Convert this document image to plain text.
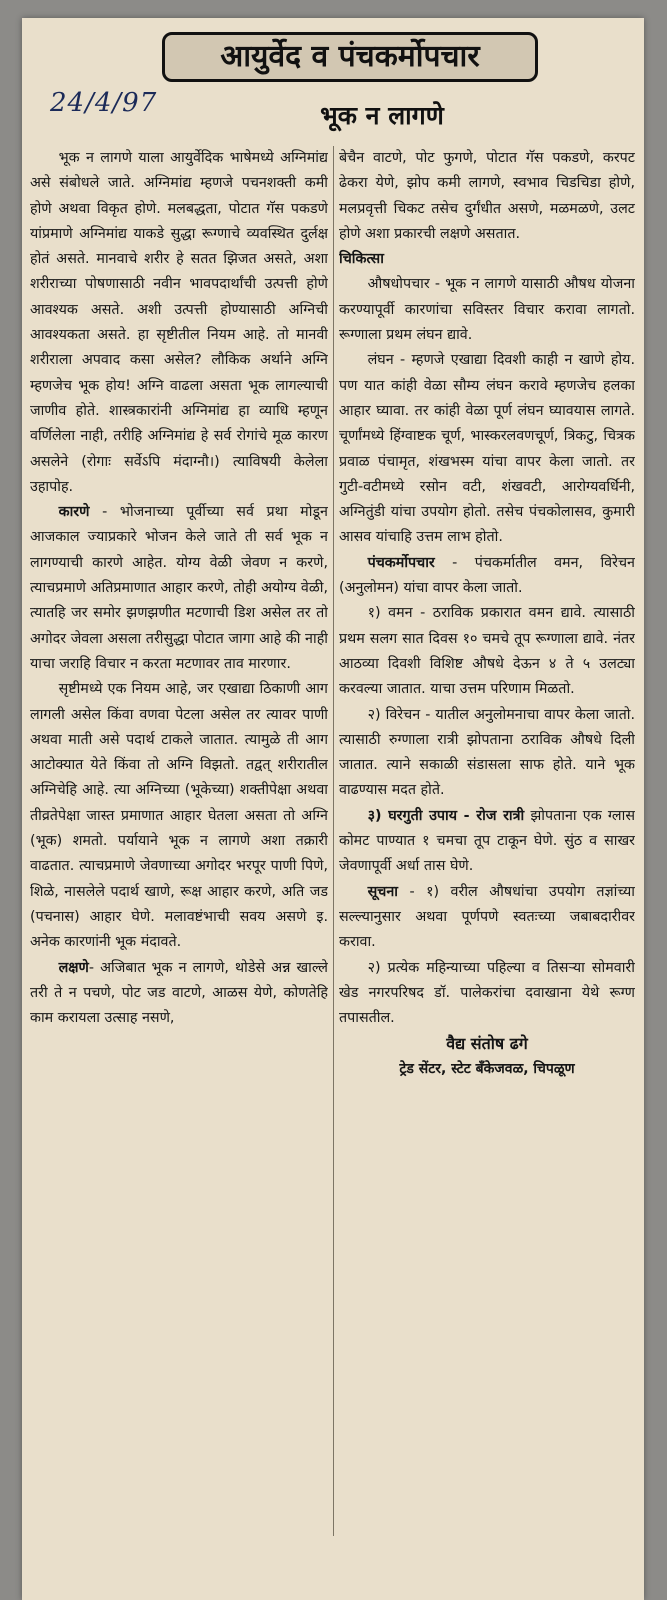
आयुर्वेद व पंचकर्मोपचार
24/4/97	भूक न लागणे

भूक न लागणे याला आयुर्वेदिक भाषेमध्ये अग्निमांद्य असे संबोधले जाते. अग्निमांद्य म्हणजे पचनशक्ती कमी होणे अथवा विकृत होणे. मलबद्धता, पोटात गॅस पकडणे यांप्रमाणे अग्निमांद्य याकडे सुद्धा रूग्णाचे व्यवस्थित दुर्लक्ष होतं असते. मानवाचे शरीर हे सतत झिजत असते, अशा शरीराच्या पोषणासाठी नवीन भावपदार्थांची उत्पत्ती होणे आवश्यक असते. अशी उत्पत्ती होण्यासाठी अग्निची आवश्यकता असते. हा सृष्टीतील नियम आहे. तो मानवी शरीराला अपवाद कसा असेल? लौकिक अर्थाने अग्नि म्हणजेच भूक होय! अग्नि वाढला असता भूक लागल्याची जाणीव होते. शास्त्रकारांनी अग्निमांद्य हा व्याधि म्हणून वर्णिलेला नाही, तरीहि अग्निमांद्य हे सर्व रोगांचे मूळ कारण असलेने (रोगाः सर्वेऽपि मंदाग्नौ।) त्याविषयी केलेला उहापोह.

कारणे - भोजनाच्या पूर्वीच्या सर्व प्रथा मोडून आजकाल ज्याप्रकारे भोजन केले जाते ती सर्व भूक न लागण्याची कारणे आहेत. योग्य वेळी जेवण न करणे, त्याचप्रमाणे अतिप्रमाणात आहार करणे, तोही अयोग्य वेळी, त्यातहि जर समोर झणझणीत मटणाची डिश असेल तर तो अगोदर जेवला असला तरीसुद्धा पोटात जागा आहे की नाही याचा जराहि विचार न करता मटणावर ताव मारणार.

सृष्टीमध्ये एक नियम आहे, जर एखाद्या ठिकाणी आग लागली असेल किंवा वणवा पेटला असेल तर त्यावर पाणी अथवा माती असे पदार्थ टाकले जातात. त्यामुळे ती आग आटोक्यात येते किंवा तो अग्नि विझतो. तद्वत् शरीरातील अग्निचेहि आहे. त्या अग्निच्या (भूकेच्या) शक्तीपेक्षा अथवा तीव्रतेपेक्षा जास्त प्रमाणात आहार घेतला असता तो अग्नि (भूक) शमतो. पर्यायाने भूक न लागणे अशा तक्रारी वाढतात. त्याचप्रमाणे जेवणाच्या अगोदर भरपूर पाणी पिणे, शिळे, नासलेले पदार्थ खाणे, रूक्ष आहार करणे, अति जड (पचनास) आहार घेणे. मलावष्टंभाची सवय असणे इ. अनेक कारणांनी भूक मंदावते.

लक्षणे- अजिबात भूक न लागणे, थोडेसे अन्न खाल्ले तरी ते न पचणे, पोट जड वाटणे, आळस येणे, कोणतेहि काम करायला उत्साह नसणे,

बेचैन वाटणे, पोट फुगणे, पोटात गॅस पकडणे, करपट ढेकरा येणे, झोप कमी लागणे, स्वभाव चिडचिडा होणे, मलप्रवृत्ती चिकट तसेच दुर्गंधीत असणे, मळमळणे, उलट होणे अशा प्रकारची लक्षणे असतात.

चिकित्सा

औषधोपचार - भूक न लागणे यासाठी औषध योजना करण्यापूर्वी कारणांचा सविस्तर विचार करावा लागतो. रूग्णाला प्रथम लंघन द्यावे.

लंघन - म्हणजे एखाद्या दिवशी काही न खाणे होय. पण यात कांही वेळा सौम्य लंघन करावे म्हणजेच हलका आहार घ्यावा. तर कांही वेळा पूर्ण लंघन घ्यावयास लागते. चूर्णांमध्ये हिंग्वाष्टक चूर्ण, भास्करलवणचूर्ण, त्रिकटु, चित्रक प्रवाळ पंचामृत, शंखभस्म यांचा वापर केला जातो. तर गुटी-वटीमध्ये रसोन वटी, शंखवटी, आरोग्यवर्धिनी, अग्नितुंडी यांचा उपयोग होतो. तसेच पंचकोलासव, कुमारी आसव यांचाहि उत्तम लाभ होतो.

पंचकर्मोपचार - पंचकर्मातील वमन, विरेचन (अनुलोमन) यांचा वापर केला जातो.

१) वमन - ठराविक प्रकारात वमन द्यावे. त्यासाठी प्रथम सलग सात दिवस १० चमचे तूप रूग्णाला द्यावे. नंतर आठव्या दिवशी विशिष्ट औषधे देऊन ४ ते ५ उलट्या करवल्या जातात. याचा उत्तम परिणाम मिळतो.

२) विरेचन - यातील अनुलोमनाचा वापर केला जातो. त्यासाठी रुग्णाला रात्री झोपताना ठराविक औषधे दिली जातात. त्याने सकाळी संडासला साफ होते. याने भूक वाढण्यास मदत होते.

३) घरगुती उपाय - रोज रात्री झोपताना एक ग्लास कोमट पाण्यात १ चमचा तूप टाकून घेणे. सुंठ व साखर जेवणापूर्वी अर्धा तास घेणे.

सूचना - १) वरील औषधांचा उपयोग तज्ञांच्या सल्ल्यानुसार अथवा पूर्णपणे स्वतःच्या जबाबदारीवर करावा.

२) प्रत्येक महिन्याच्या पहिल्या व तिसऱ्या सोमवारी खेड नगरपरिषद डॉ. पालेकरांचा दवाखाना येथे रूग्ण तपासतील.

वैद्य संतोष ढगे

ट्रेड सेंटर, स्टेट बँकेजवळ, चिपळूण
